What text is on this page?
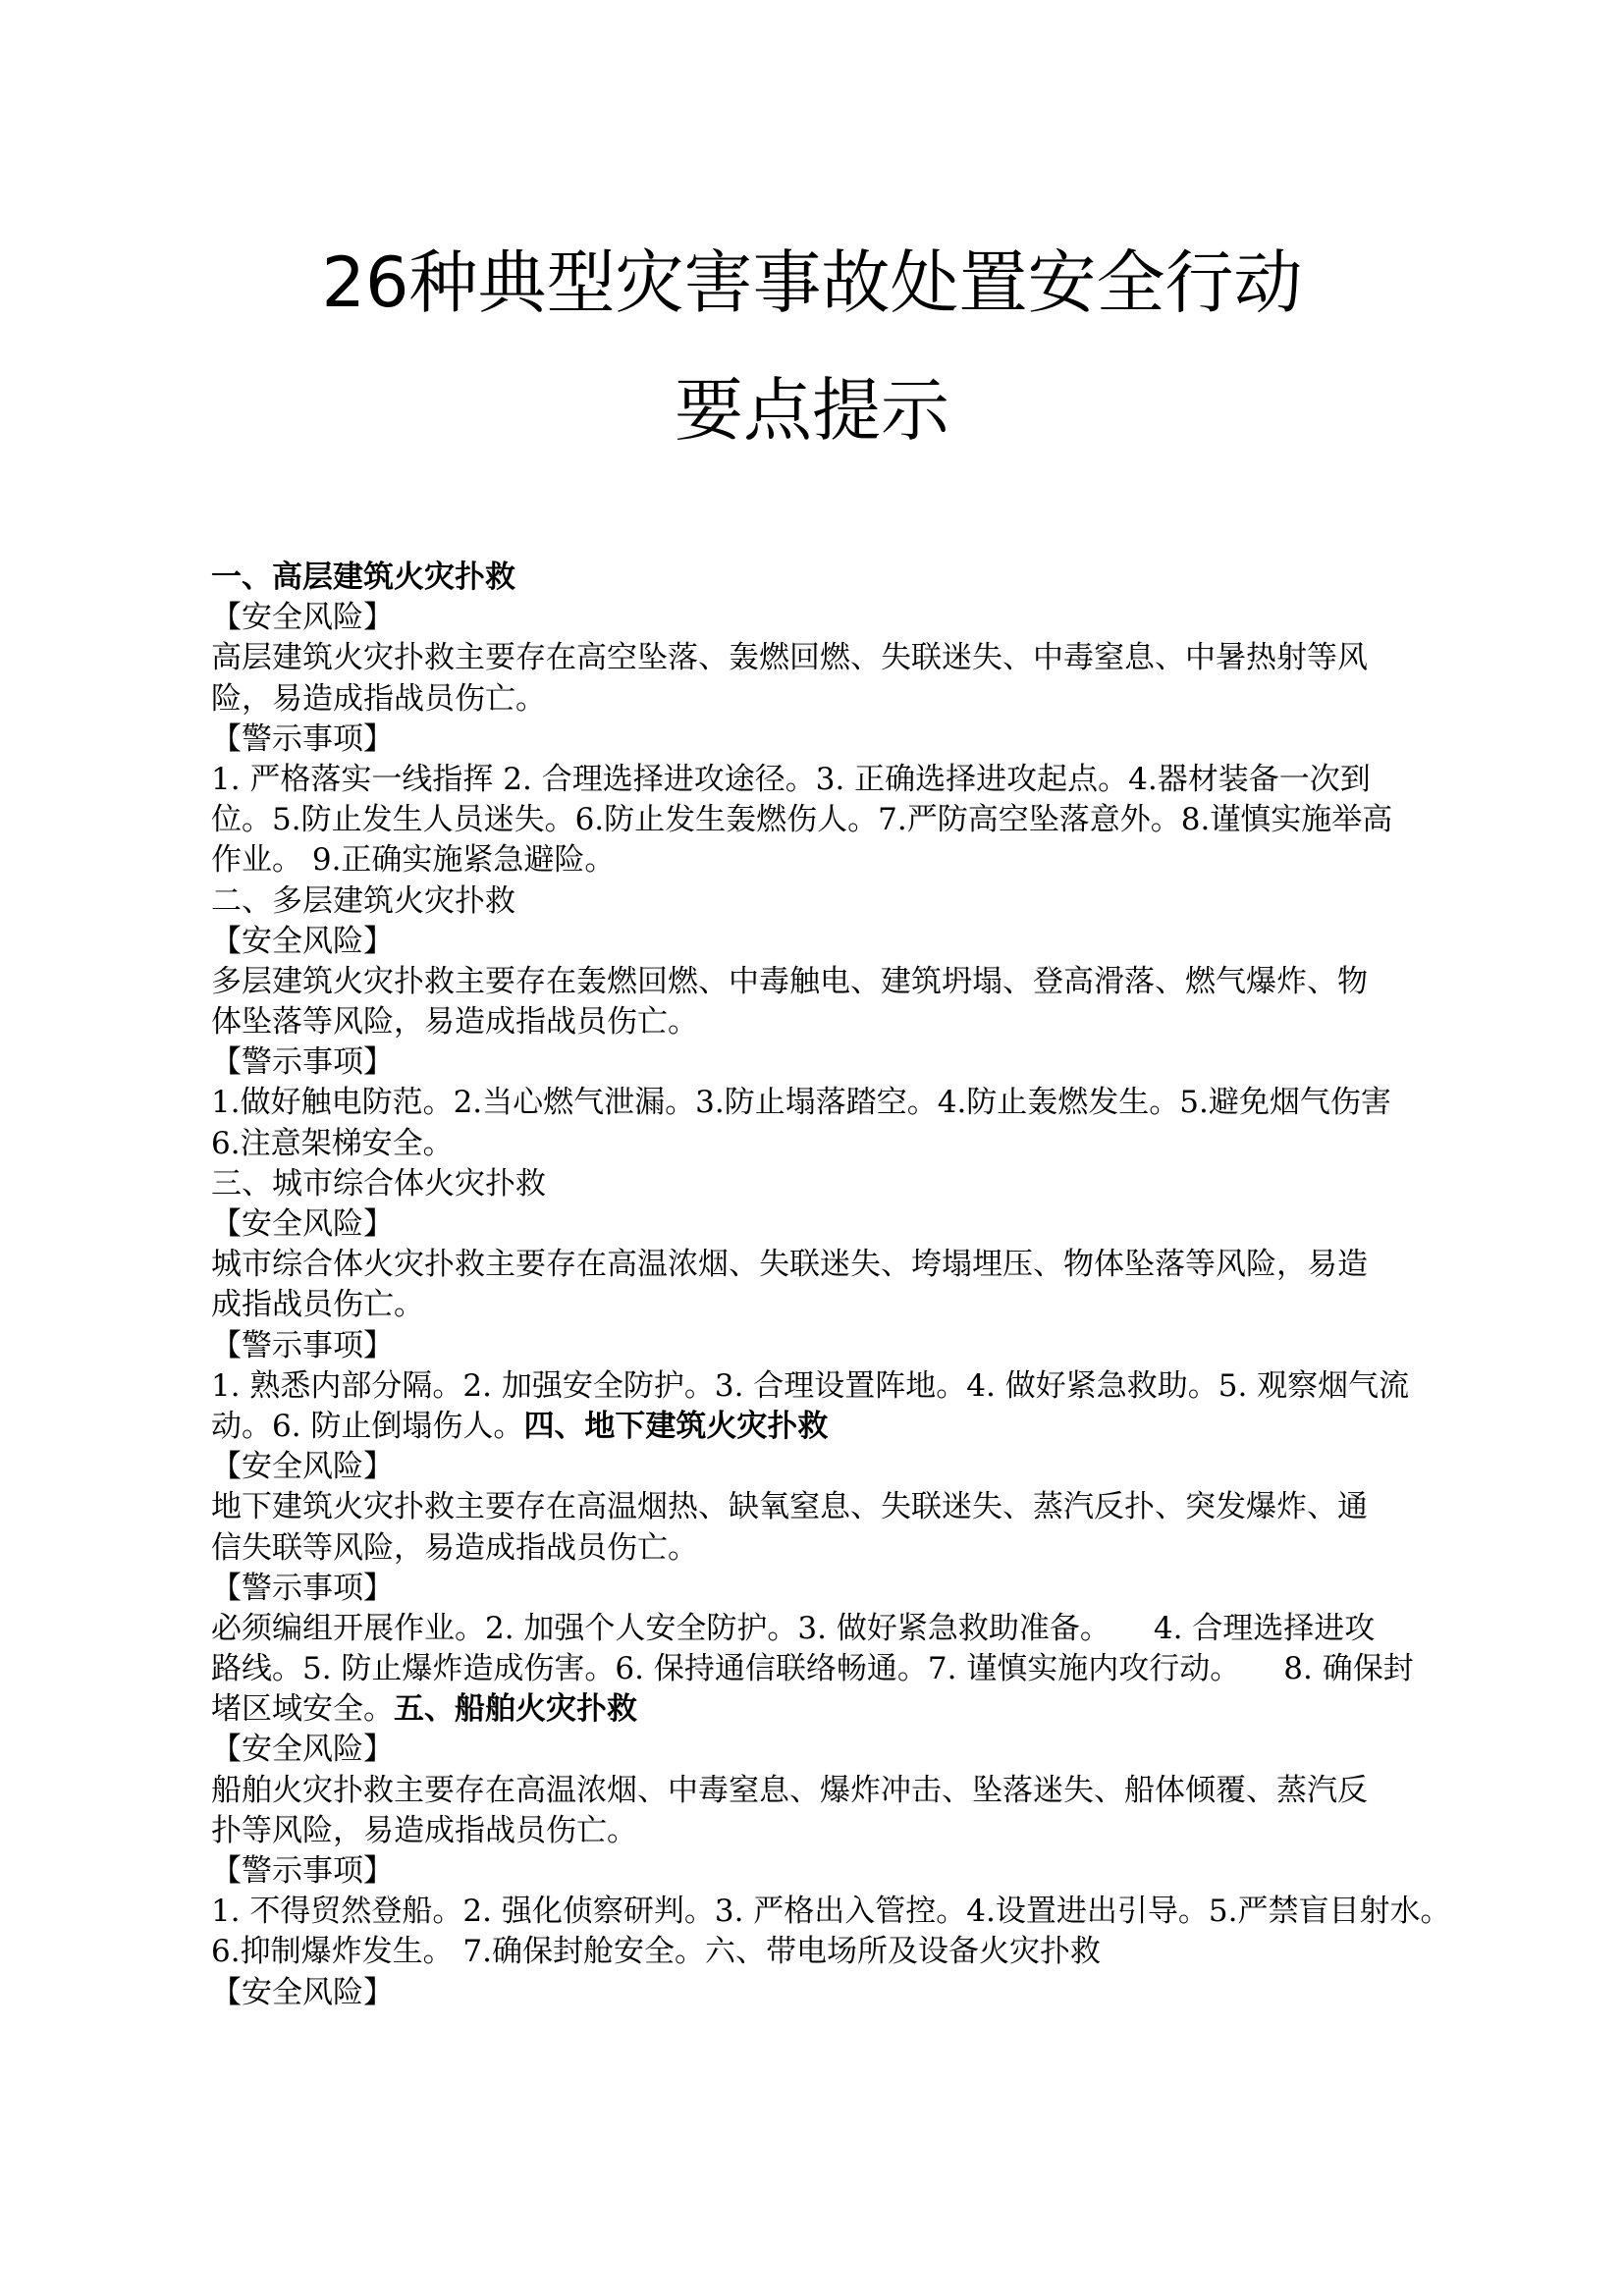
26种典型灾害事故处置安全行动
要点提示
一、高层建筑火灾扑救
【安全风险】
高层建筑火灾扑救主要存在高空坠落、轰燃回燃、失联迷失、中毒窒息、中暑热射等风
险，易造成指战员伤亡。
【警示事项】
1. 严格落实一线指挥 2. 合理选择进攻途径。3. 正确选择进攻起点。4.器材装备一次到
位。5.防止发生人员迷失。6.防止发生轰燃伤人。7.严防高空坠落意外。8.谨慎实施举高
作业。 9.正确实施紧急避险。
二、多层建筑火灾扑救
【安全风险】
多层建筑火灾扑救主要存在轰燃回燃、中毒触电、建筑坍塌、登高滑落、燃气爆炸、物
体坠落等风险，易造成指战员伤亡。
【警示事项】
1.做好触电防范。2.当心燃气泄漏。3.防止塌落踏空。4.防止轰燃发生。5.避免烟气伤害
6.注意架梯安全。
三、城市综合体火灾扑救
【安全风险】
城市综合体火灾扑救主要存在高温浓烟、失联迷失、垮塌埋压、物体坠落等风险，易造
成指战员伤亡。
【警示事项】
1. 熟悉内部分隔。2. 加强安全防护。3. 合理设置阵地。4. 做好紧急救助。5. 观察烟气流
动。6. 防止倒塌伤人。四、地下建筑火灾扑救
【安全风险】
地下建筑火灾扑救主要存在高温烟热、缺氧窒息、失联迷失、蒸汽反扑、突发爆炸、通
信失联等风险，易造成指战员伤亡。
【警示事项】
必须编组开展作业。2. 加强个人安全防护。3. 做好紧急救助准备。 4. 合理选择进攻
路线。5. 防止爆炸造成伤害。6. 保持通信联络畅通。7. 谨慎实施内攻行动。 8. 确保封
堵区域安全。五、船舶火灾扑救
【安全风险】
船舶火灾扑救主要存在高温浓烟、中毒窒息、爆炸冲击、坠落迷失、船体倾覆、蒸汽反
扑等风险，易造成指战员伤亡。
【警示事项】
1. 不得贸然登船。2. 强化侦察研判。3. 严格出入管控。4.设置进出引导。5.严禁盲目射水。
6.抑制爆炸发生。 7.确保封舱安全。六、带电场所及设备火灾扑救
【安全风险】
